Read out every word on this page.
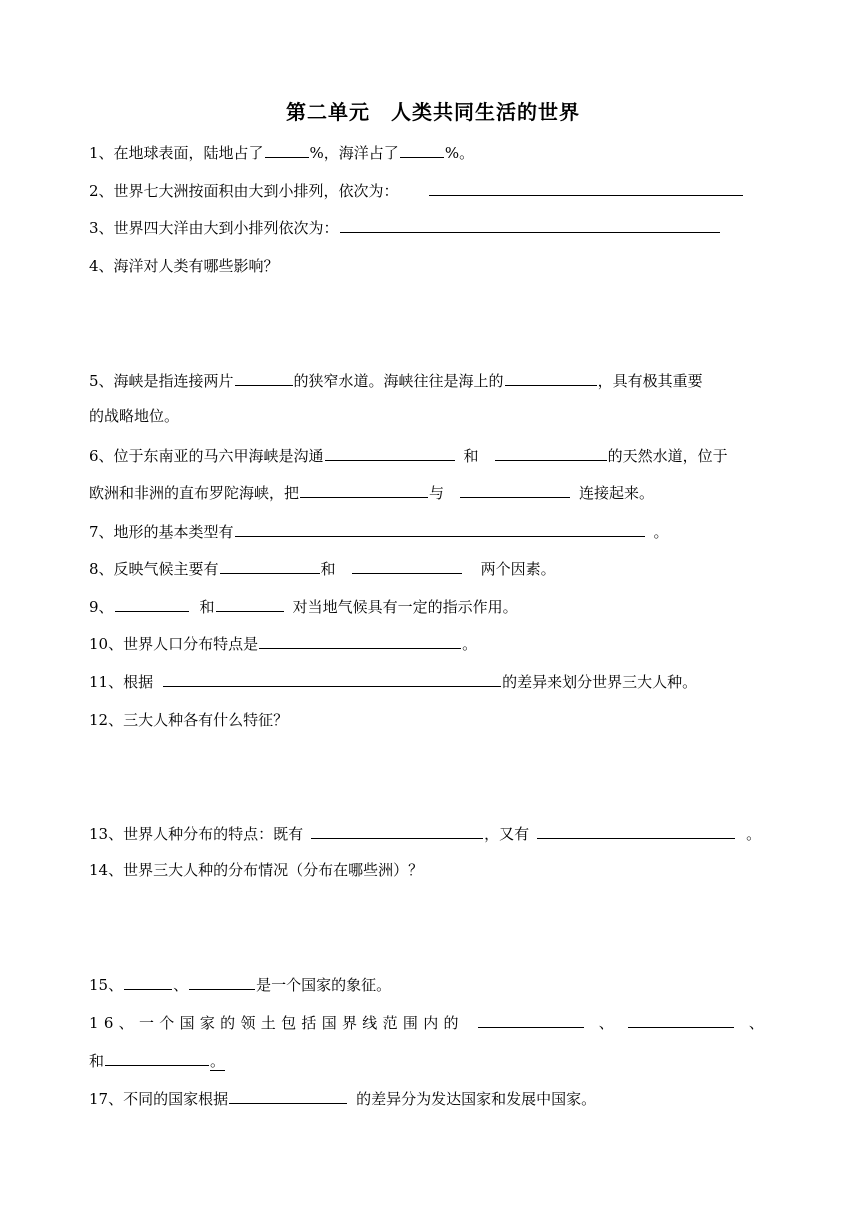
第二单元　人类共同生活的世界
1、在地球表面，陆地占了	%，海洋占了	%。
2、世界七大洲按面积由大到小排列，依次为：
3、世界四大洋由大到小排列依次为：
4、海洋对人类有哪些影响？
5、海峡是指连接两片	的狭窄水道。海峡往往是海上的	，具有极其重要
的战略地位。
6、位于东南亚的马六甲海峡是沟通	和	的天然水道，位于
欧洲和非洲的直布罗陀海峡，把	与	连接起来。
7、地形的基本类型有	。
8、反映气候主要有	和	两个因素。
9、	和	对当地气候具有一定的指示作用。
10、世界人口分布特点是	。
11、根据	的差异来划分世界三大人种。
12、三大人种各有什么特征？
13、世界人种分布的特点：既有	，又有	。
14、世界三大人种的分布情况（分布在哪些洲）？
15、	、	是一个国家的象征。
16、一个国家的领土包括国界线范围内的	、	、
和	。
17、不同的国家根据	的差异分为发达国家和发展中国家。
